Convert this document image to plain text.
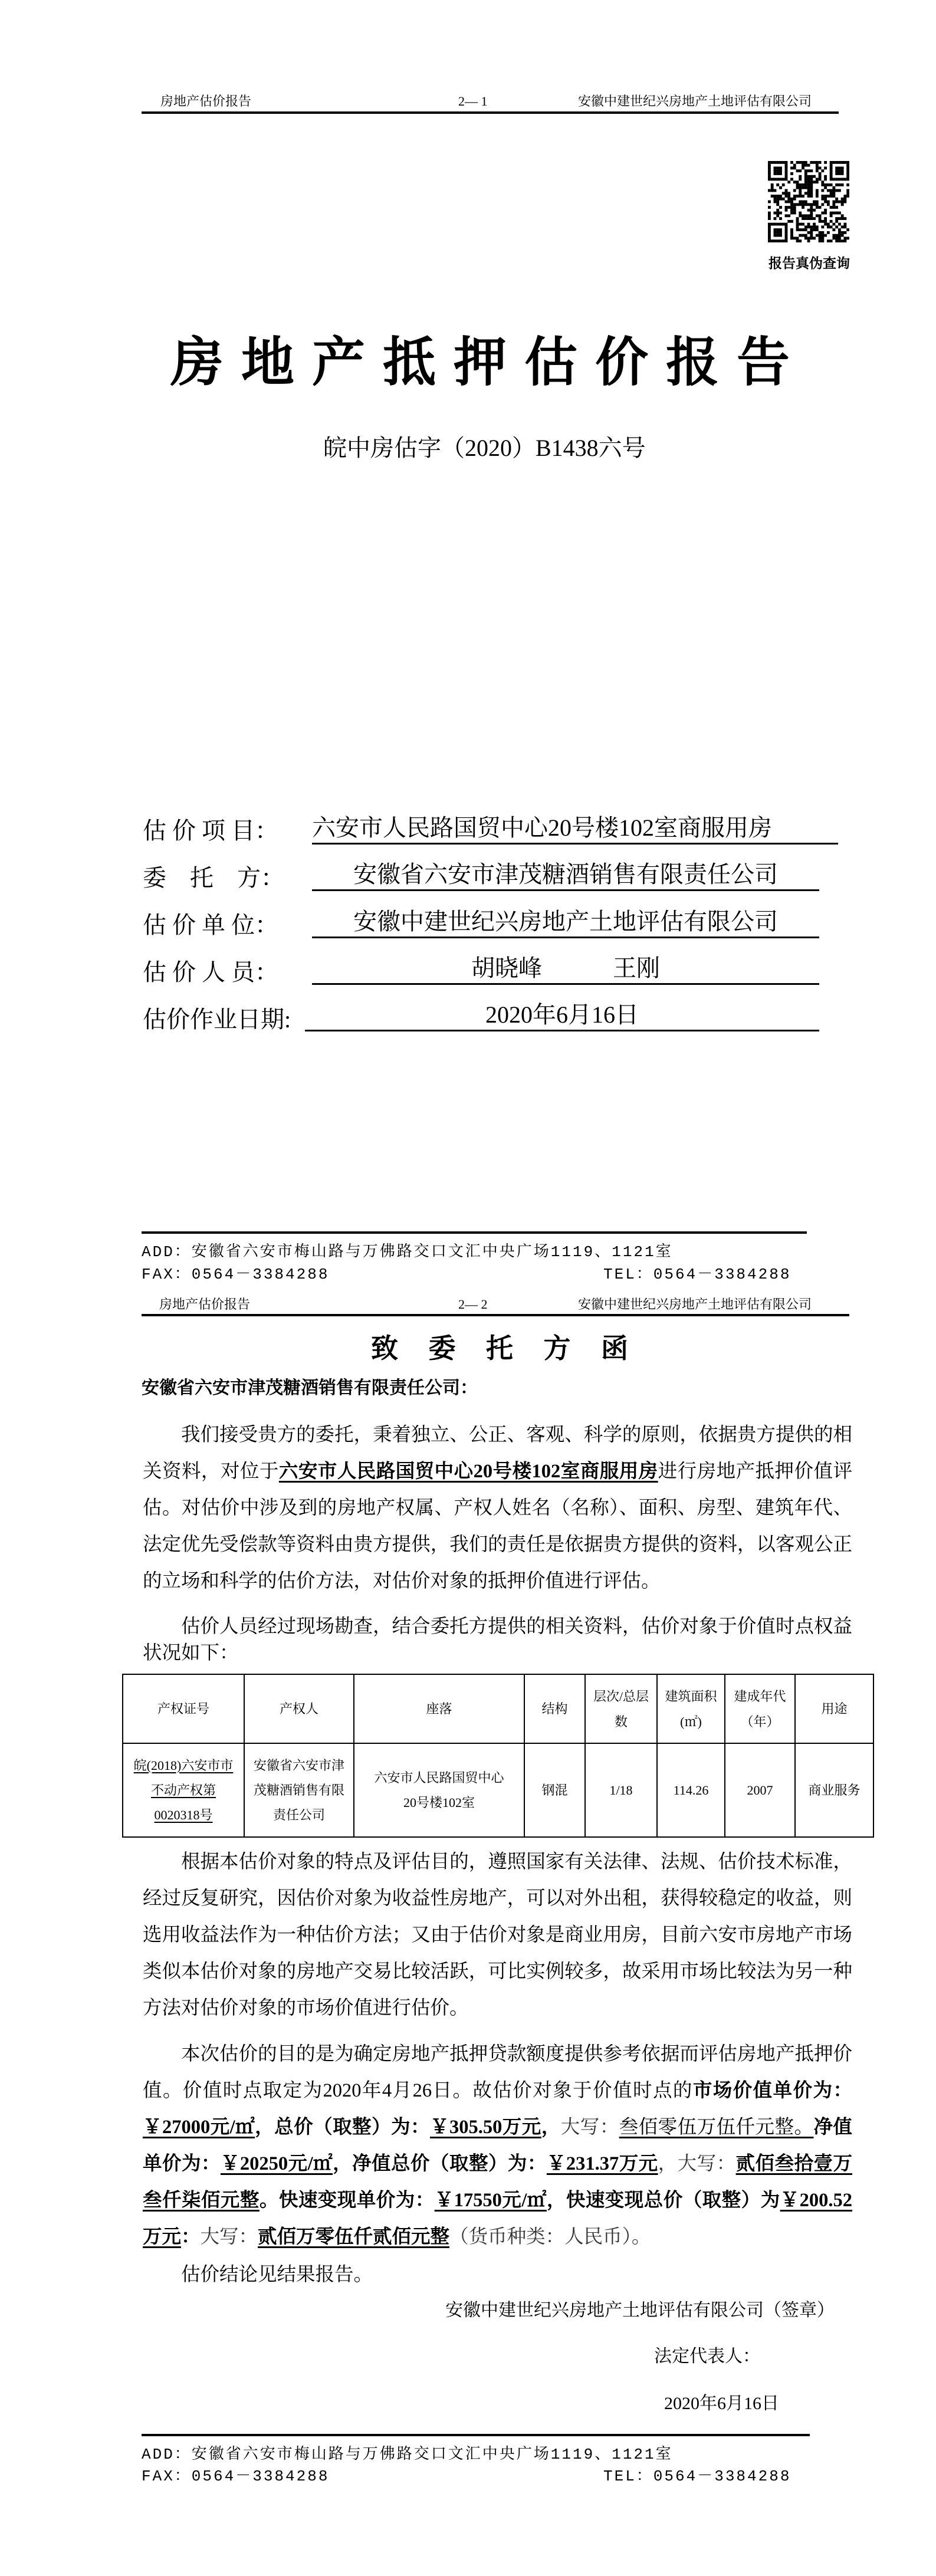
房地产估价报告	2— 1	安徽中建世纪兴房地产土地评估有限公司
报告真伪查询
房地产抵押估价报告
皖中房估字（2020）B1438六号
估 价 项 目： 六安市人民路国贸中心20号楼102室商服用房
委    托    方：	安徽省六安市津茂糖酒销售有限责任公司
估 价 单 位：	安徽中建世纪兴房地产土地评估有限公司
估 价 人 员：	胡晓峰	王刚
估价作业日期:	2020年6月16日
ADD：安徽省六安市梅山路与万佛路交口文汇中央广场1119、1121室
FAX：0564－3384288	TEL：0564－3384288
房地产估价报告	2— 2	安徽中建世纪兴房地产土地评估有限公司
致 委 托 方 函
安徽省六安市津茂糖酒销售有限责任公司：
我们接受贵方的委托，秉着独立、公正、客观、科学的原则，依据贵方提供的相关资料，对位于六安市人民路国贸中心20号楼102室商服用房进行房地产抵押价值评估。对估价中涉及到的房地产权属、产权人姓名（名称）、面积、房型、建筑年代、法定优先受偿款等资料由贵方提供，我们的责任是依据贵方提供的资料，以客观公正的立场和科学的估价方法，对估价对象的抵押价值进行评估。
估价人员经过现场勘查，结合委托方提供的相关资料，估价对象于价值时点权益状况如下：
产权证号	产权人	座落	结构	层次/总层数	建筑面积(㎡)	建成年代（年）	用途
皖(2018)六安市市不动产权第0020318号	安徽省六安市津茂糖酒销售有限责任公司	六安市人民路国贸中心20号楼102室	钢混	1/18	114.26	2007	商业服务
根据本估价对象的特点及评估目的，遵照国家有关法律、法规、估价技术标准，经过反复研究，因估价对象为收益性房地产，可以对外出租，获得较稳定的收益，则选用收益法作为一种估价方法；又由于估价对象是商业用房，目前六安市房地产市场类似本估价对象的房地产交易比较活跃，可比实例较多，故采用市场比较法为另一种方法对估价对象的市场价值进行估价。
本次估价的目的是为确定房地产抵押贷款额度提供参考依据而评估房地产抵押价值。价值时点取定为2020年4月26日。故估价对象于价值时点的市场价值单价为：￥27000元/㎡，总价（取整）为：￥305.50万元，大写：叁佰零伍万伍仟元整。净值单价为：￥20250元/㎡，净值总价（取整）为：￥231.37万元，大写：贰佰叁拾壹万叁仟柒佰元整。快速变现单价为：￥17550元/㎡，快速变现总价（取整）为￥200.52万元：大写：贰佰万零伍仟贰佰元整（货币种类：人民币）。
估价结论见结果报告。
安徽中建世纪兴房地产土地评估有限公司（签章）
法定代表人：
2020年6月16日
ADD：安徽省六安市梅山路与万佛路交口文汇中央广场1119、1121室
FAX：0564－3384288	TEL：0564－3384288
